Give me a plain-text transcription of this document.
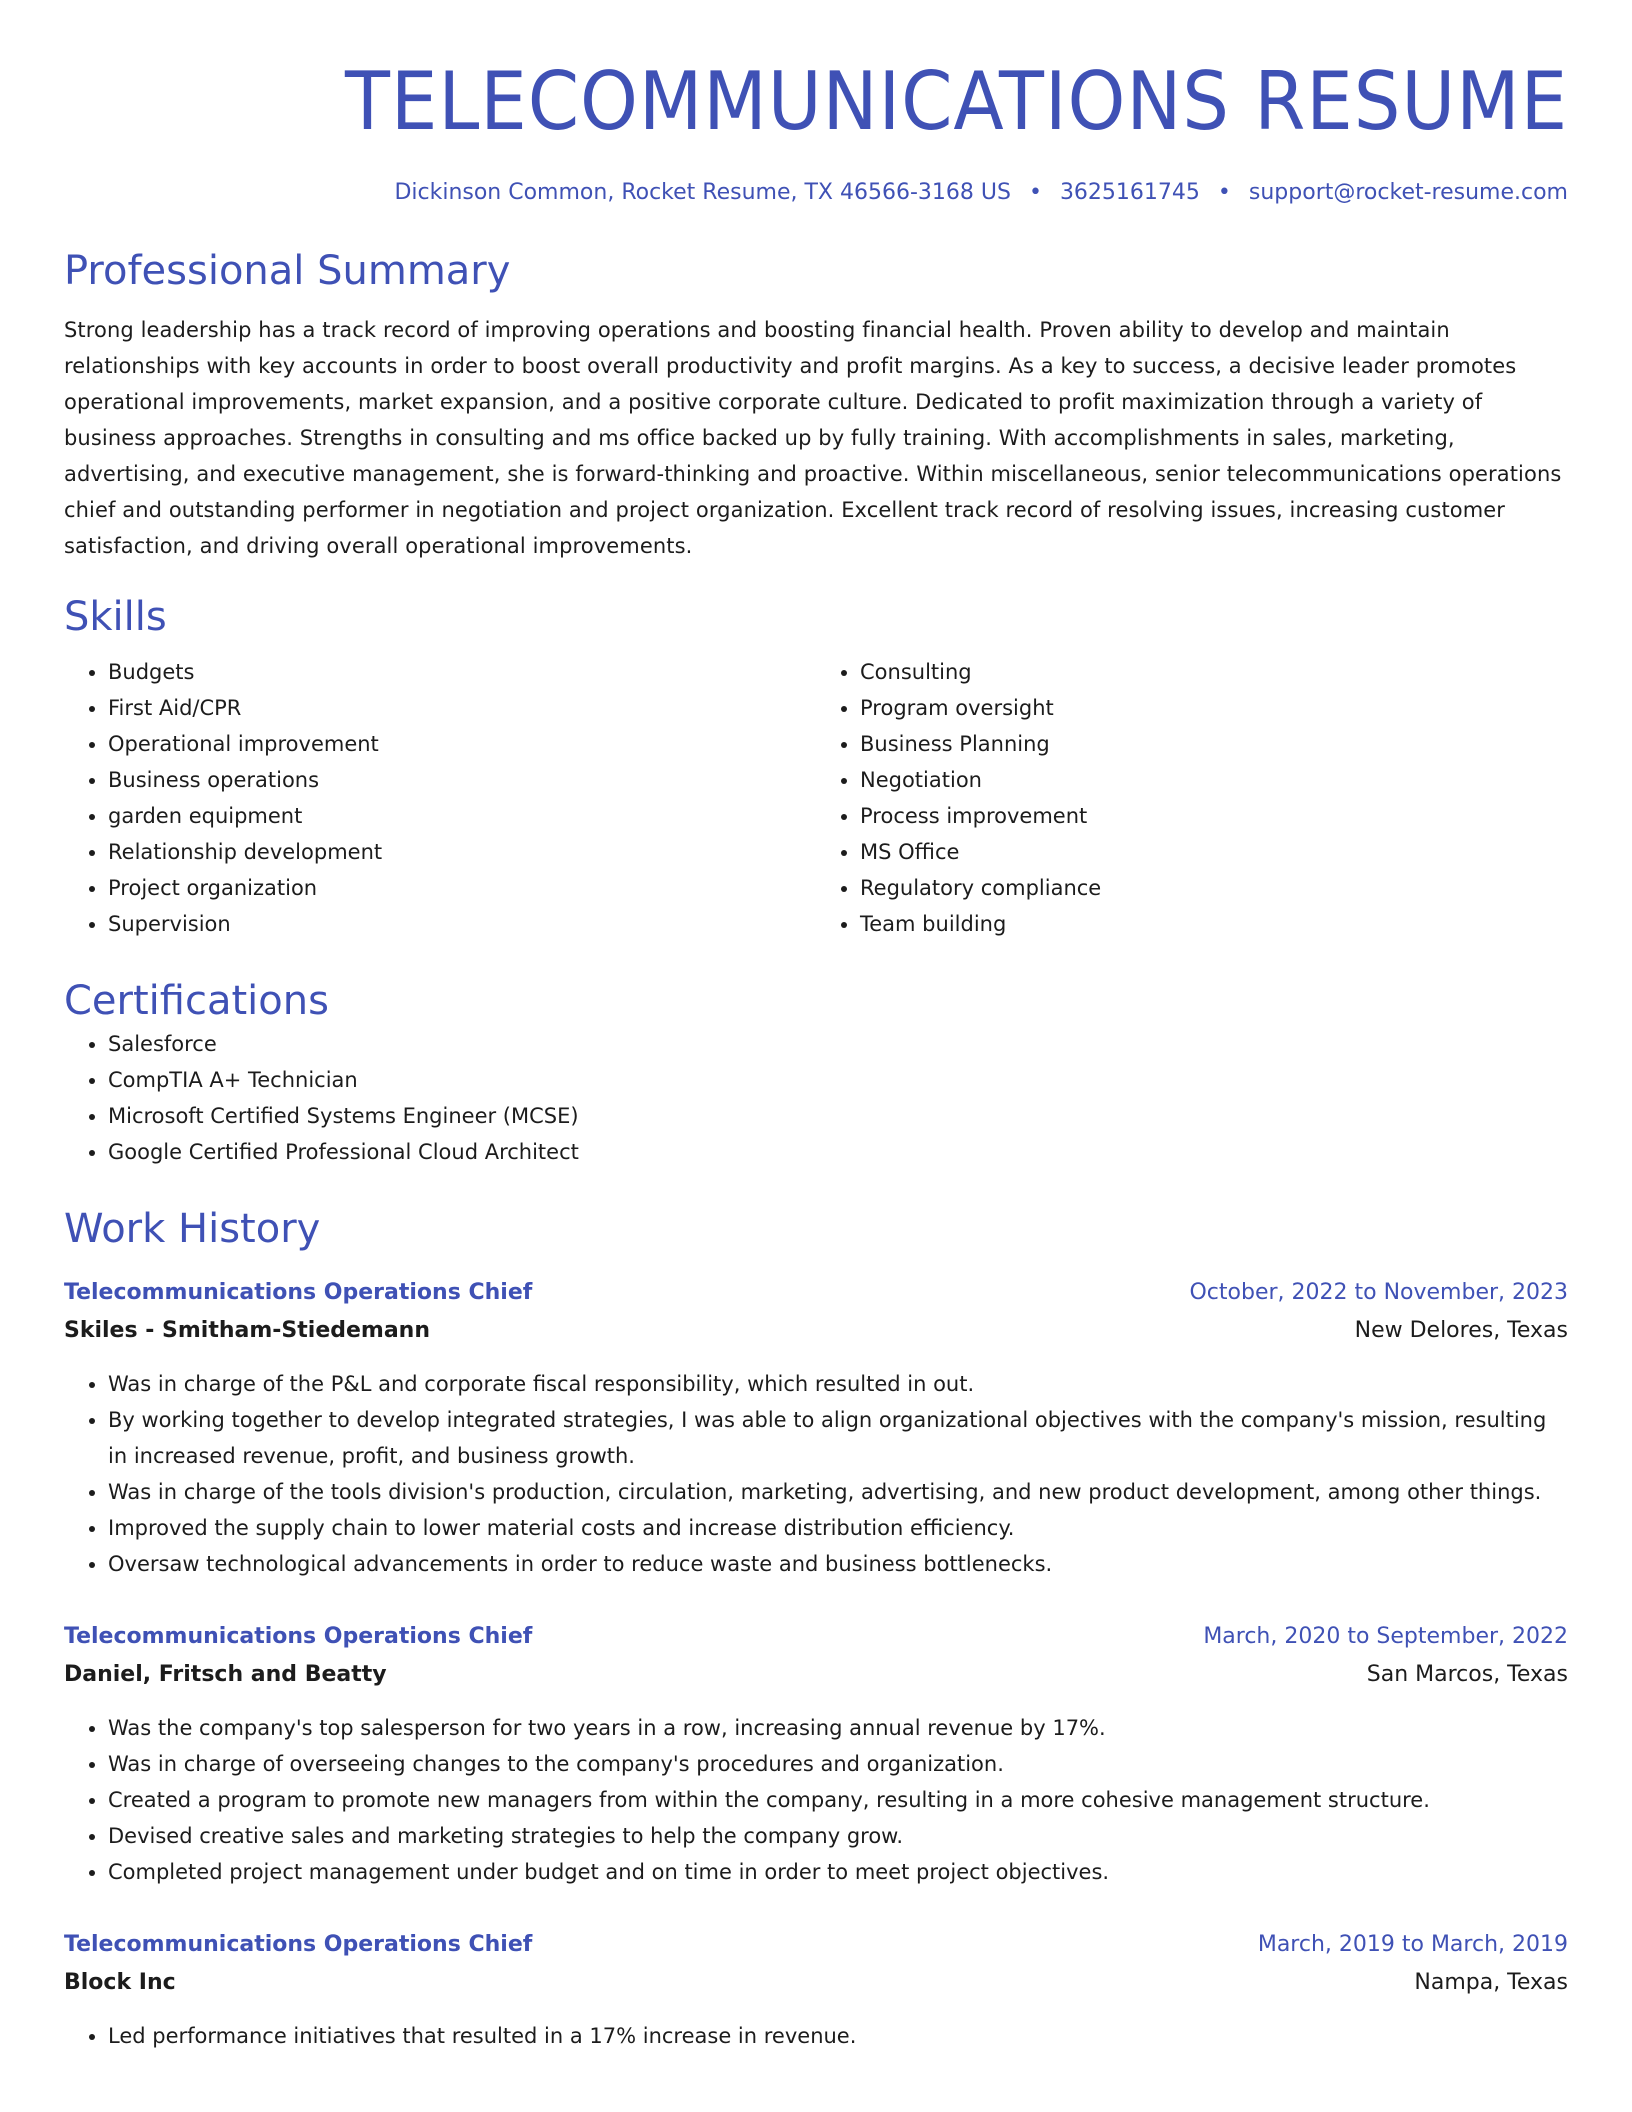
TELECOMMUNICATIONS RESUME
Dickinson Common, Rocket Resume, TX 46566-3168 US • 3625161745 • support@rocket-resume.com
Professional Summary

Strong leadership has a track record of improving operations and boosting financial health. Proven ability to develop and maintain relationships with key accounts in order to boost overall productivity and profit margins. As a key to success, a decisive leader promotes operational improvements, market expansion, and a positive corporate culture. Dedicated to profit maximization through a variety of business approaches. Strengths in consulting and ms office backed up by fully training. With accomplishments in sales, marketing, advertising, and executive management, she is forward-thinking and proactive. Within miscellaneous, senior telecommunications operations chief and outstanding performer in negotiation and project organization. Excellent track record of resolving issues, increasing customer satisfaction, and driving overall operational improvements.

Skills
• Budgets
• First Aid/CPR
• Operational improvement
• Business operations
• garden equipment
• Relationship development
• Project organization
• Supervision
• Consulting
• Program oversight
• Business Planning
• Negotiation
• Process improvement
• MS Office
• Regulatory compliance
• Team building
Certifications
• Salesforce
• CompTIA A+ Technician
• Microsoft Certified Systems Engineer (MCSE)
• Google Certified Professional Cloud Architect
Work History
Telecommunications Operations Chief	October, 2022 to November, 2023
Skiles - Smitham-Stiedemann	New Delores, Texas
• Was in charge of the P&L and corporate fiscal responsibility, which resulted in out.
• By working together to develop integrated strategies, I was able to align organizational objectives with the company's mission, resulting in increased revenue, profit, and business growth.
• Was in charge of the tools division's production, circulation, marketing, advertising, and new product development, among other things.
• Improved the supply chain to lower material costs and increase distribution efficiency.
• Oversaw technological advancements in order to reduce waste and business bottlenecks.
Telecommunications Operations Chief	March, 2020 to September, 2022
Daniel, Fritsch and Beatty	San Marcos, Texas
• Was the company's top salesperson for two years in a row, increasing annual revenue by 17%.
• Was in charge of overseeing changes to the company's procedures and organization.
• Created a program to promote new managers from within the company, resulting in a more cohesive management structure.
• Devised creative sales and marketing strategies to help the company grow.
• Completed project management under budget and on time in order to meet project objectives.
Telecommunications Operations Chief	March, 2019 to March, 2019
Block Inc	Nampa, Texas
• Led performance initiatives that resulted in a 17% increase in revenue.
